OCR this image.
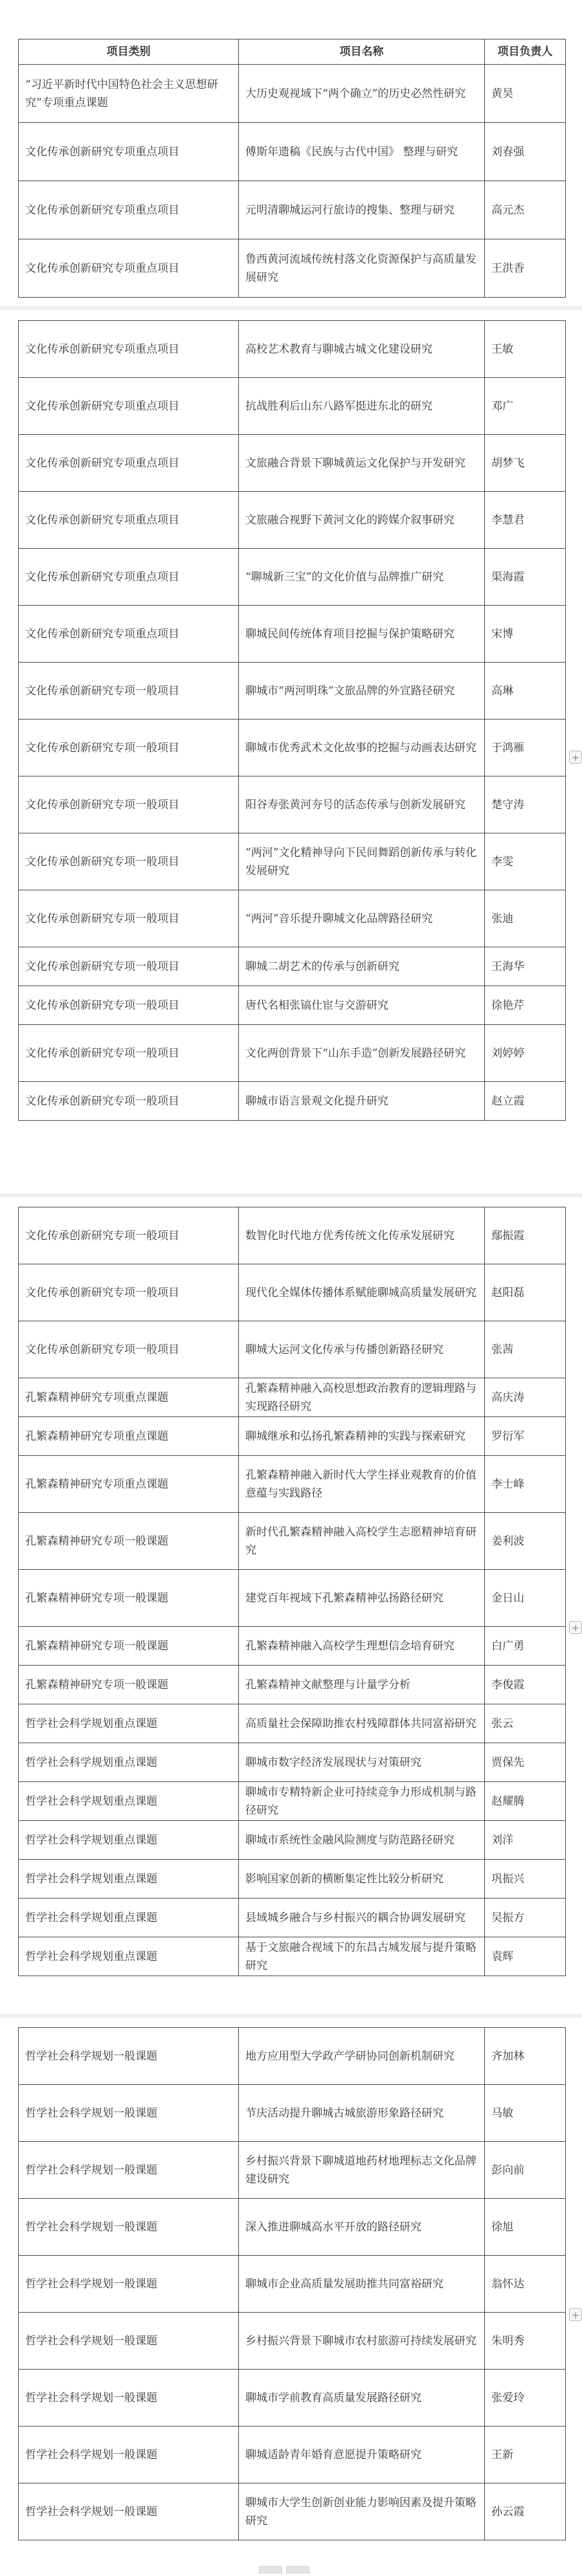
项目类别	项目名称	项目负责人
“习近平新时代中国特色社会主义思想研究”专项重点课题	大历史观视域下“两个确立”的历史必然性研究	黄昊
文化传承创新研究专项重点项目	傅斯年遗稿《民族与古代中国》 整理与研究	刘春强
文化传承创新研究专项重点项目	元明清聊城运河行旅诗的搜集、整理与研究	高元杰
文化传承创新研究专项重点项目	鲁西黄河流域传统村落文化资源保护与高质量发展研究	王洪香
文化传承创新研究专项重点项目	高校艺术教育与聊城古城文化建设研究	王敏
文化传承创新研究专项重点项目	抗战胜利后山东八路军挺进东北的研究	邓广
文化传承创新研究专项重点项目	文旅融合背景下聊城黄运文化保护与开发研究	胡梦飞
文化传承创新研究专项重点项目	文旅融合视野下黄河文化的跨媒介叙事研究	李慧君
文化传承创新研究专项重点项目	“聊城新三宝”的文化价值与品牌推广研究	渠海霞
文化传承创新研究专项重点项目	聊城民间传统体育项目挖掘与保护策略研究	宋博
文化传承创新研究专项一般项目	聊城市“两河明珠”文旅品牌的外宣路径研究	高琳
文化传承创新研究专项一般项目	聊城市优秀武术文化故事的挖掘与动画表达研究	于鸿雁
文化传承创新研究专项一般项目	阳谷寿张黄河夯号的活态传承与创新发展研究	楚守涛
文化传承创新研究专项一般项目	“两河”文化精神导向下民间舞蹈创新传承与转化发展研究	李雯
文化传承创新研究专项一般项目	“两河”音乐提升聊城文化品牌路径研究	张迪
文化传承创新研究专项一般项目	聊城二胡艺术的传承与创新研究	王海华
文化传承创新研究专项一般项目	唐代名相张镐仕宦与交游研究	徐艳芹
文化传承创新研究专项一般项目	文化两创背景下“山东手造”创新发展路径研究	刘婷婷
文化传承创新研究专项一般项目	聊城市语言景观文化提升研究	赵立霞
文化传承创新研究专项一般项目	数智化时代地方优秀传统文化传承发展研究	鄢振霞
文化传承创新研究专项一般项目	现代化全媒体传播体系赋能聊城高质量发展研究	赵阳磊
文化传承创新研究专项一般项目	聊城大运河文化传承与传播创新路径研究	张茜
孔繁森精神研究专项重点课题	孔繁森精神融入高校思想政治教育的逻辑理路与实现路径研究	高庆涛
孔繁森精神研究专项重点课题	聊城继承和弘扬孔繁森精神的实践与探索研究	罗衍军
孔繁森精神研究专项重点课题	孔繁森精神融入新时代大学生择业观教育的价值意蕴与实践路径	李士峰
孔繁森精神研究专项一般课题	新时代孔繁森精神融入高校学生志愿精神培育研究	姜利波
孔繁森精神研究专项一般课题	建党百年视域下孔繁森精神弘扬路径研究	金日山
孔繁森精神研究专项一般课题	孔繁森精神融入高校学生理想信念培育研究	白广勇
孔繁森精神研究专项一般课题	孔繁森精神文献整理与计量学分析	李俊霞
哲学社会科学规划重点课题	高质量社会保障助推农村残障群体共同富裕研究	张云
哲学社会科学规划重点课题	聊城市数字经济发展现状与对策研究	贾保先
哲学社会科学规划重点课题	聊城市专精特新企业可持续竞争力形成机制与路径研究	赵耀腾
哲学社会科学规划重点课题	聊城市系统性金融风险测度与防范路径研究	刘洋
哲学社会科学规划重点课题	影响国家创新的横断集定性比较分析研究	巩振兴
哲学社会科学规划重点课题	县域城乡融合与乡村振兴的耦合协调发展研究	吴振方
哲学社会科学规划重点课题	基于文旅融合视域下的东昌古城发展与提升策略研究	袁辉
哲学社会科学规划一般课题	地方应用型大学政产学研协同创新机制研究	齐加林
哲学社会科学规划一般课题	节庆活动提升聊城古城旅游形象路径研究	马敏
哲学社会科学规划一般课题	乡村振兴背景下聊城道地药材地理标志文化品牌建设研究	彭向前
哲学社会科学规划一般课题	深入推进聊城高水平开放的路径研究	徐旭
哲学社会科学规划一般课题	聊城市企业高质量发展助推共同富裕研究	翁怀达
哲学社会科学规划一般课题	乡村振兴背景下聊城市农村旅游可持续发展研究	朱明秀
哲学社会科学规划一般课题	聊城市学前教育高质量发展路径研究	张爱玲
哲学社会科学规划一般课题	聊城适龄青年婚育意愿提升策略研究	王新
哲学社会科学规划一般课题	聊城市大学生创新创业能力影响因素及提升策略研究	孙云霞
+
+
+
